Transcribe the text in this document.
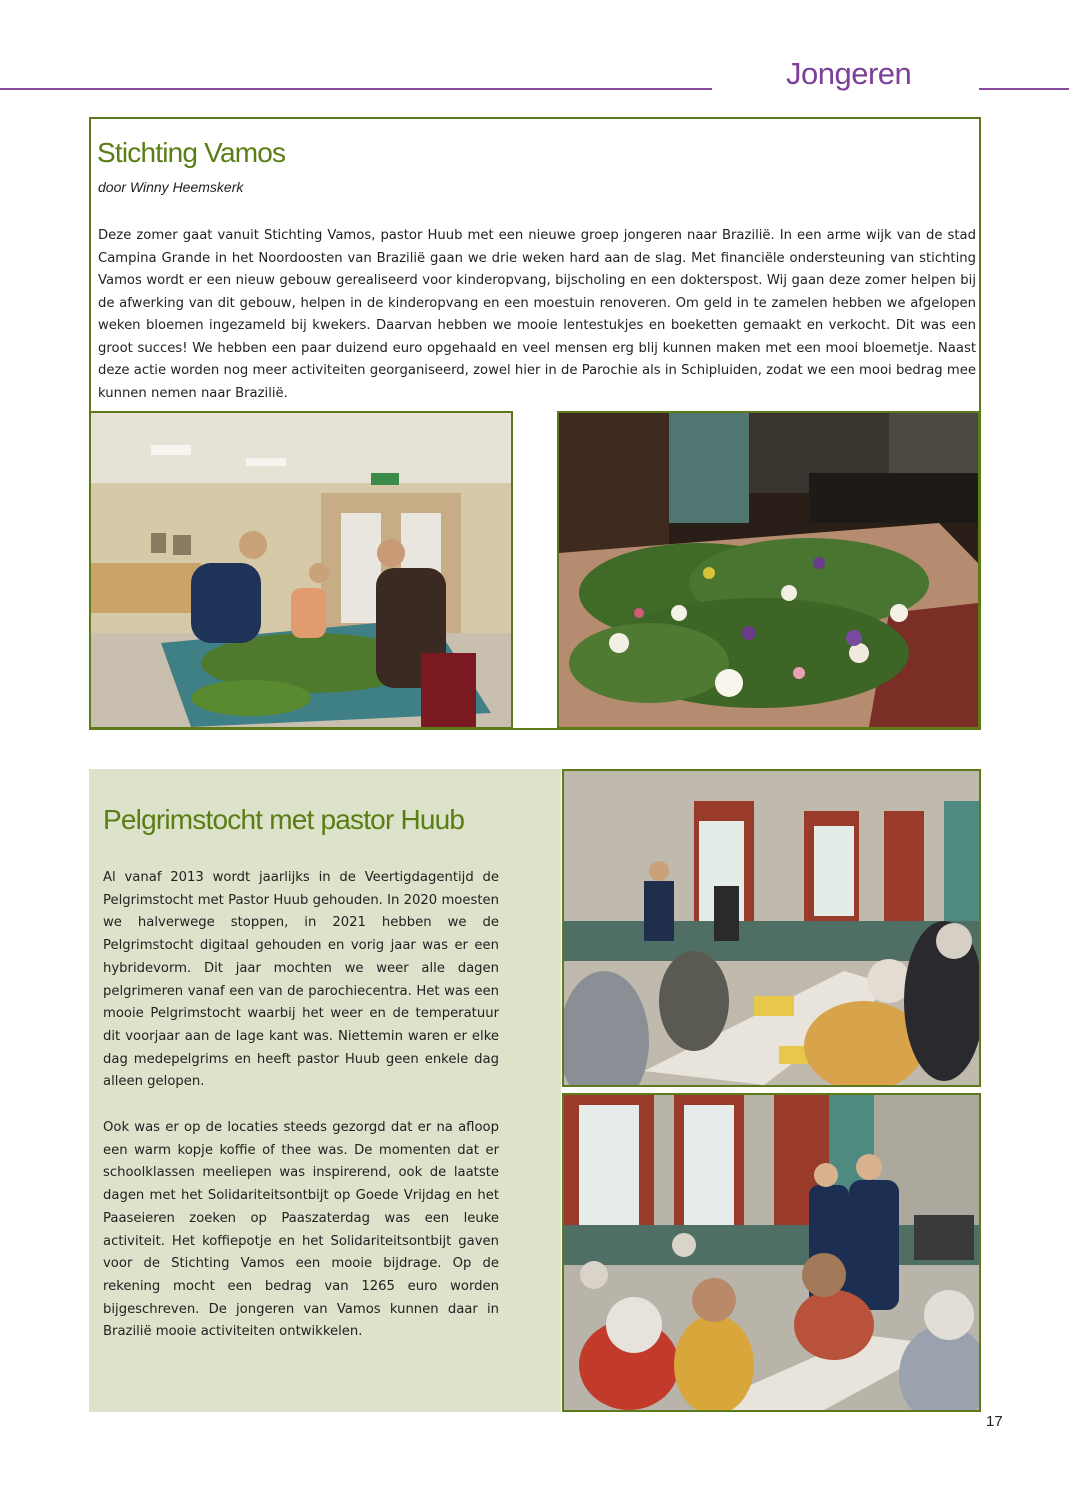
Jongeren
Stichting Vamos
door Winny Heemskerk

Deze zomer gaat vanuit Stichting Vamos, pastor Huub met een nieuwe groep jongeren naar Brazilië. In een arme wijk van de stad Campina Grande in het Noordoosten van Brazilië gaan we drie weken hard aan de slag. Met financiële ondersteuning van stichting Vamos wordt er een nieuw gebouw gerealiseerd voor kinderopvang, bijscholing en een dokterspost. Wij gaan deze zomer helpen bij de afwerking van dit gebouw, helpen in de kinderopvang en een moestuin renoveren. Om geld in te zamelen hebben we afgelopen weken bloemen ingezameld bij kwekers. Daarvan hebben we mooie lentestukjes en boeketten gemaakt en verkocht. Dit was een groot succes! We hebben een paar duizend euro opgehaald en veel mensen erg blij kunnen maken met een mooi bloemetje. Naast deze actie worden nog meer activiteiten georganiseerd, zowel hier in de Parochie als in Schipluiden, zodat we een mooi bedrag mee kunnen nemen naar Brazilië.

Pelgrimstocht met pastor Huub

Al vanaf 2013 wordt jaarlijks in de Veertigdagentijd de Pelgrimstocht met Pastor Huub gehouden. In 2020 moesten we halverwege stoppen, in 2021 hebben we de Pelgrimstocht digitaal gehouden en vorig jaar was er een hybridevorm. Dit jaar mochten we weer alle dagen pelgrimeren vanaf een van de parochiecentra. Het was een mooie Pelgrimstocht waarbij het weer en de temperatuur dit voorjaar aan de lage kant was. Niettemin waren er elke dag medepelgrims en heeft pastor Huub geen enkele dag alleen gelopen.

Ook was er op de locaties steeds gezorgd dat er na afloop een warm kopje koffie of thee was. De momenten dat er schoolklassen meeliepen was inspirerend, ook de laatste dagen met het Solidariteitsontbijt op Goede Vrijdag en het Paaseieren zoeken op Paaszaterdag was een leuke activiteit. Het koffiepotje en het Solidariteitsontbijt gaven voor de Stichting Vamos een mooie bijdrage. Op de rekening mocht een bedrag van 1265 euro worden bijgeschreven. De jongeren van Vamos kunnen daar in Brazilië mooie activiteiten ontwikkelen.

17
